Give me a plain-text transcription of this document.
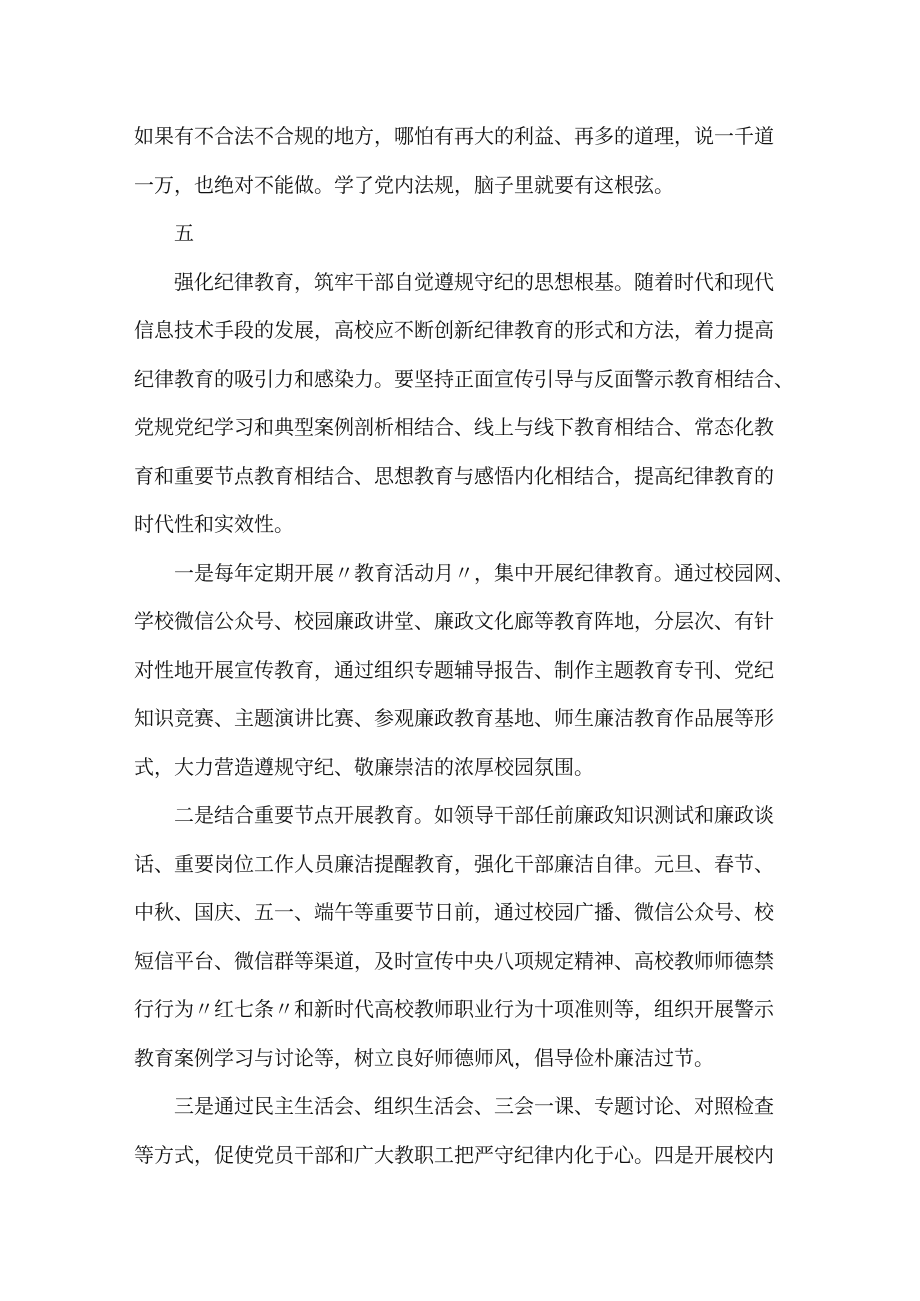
如果有不合法不合规的地方，哪怕有再大的利益、再多的道理，说一千道
一万，也绝对不能做。学了党内法规，脑子里就要有这根弦。
五
强化纪律教育，筑牢干部自觉遵规守纪的思想根基。随着时代和现代
信息技术手段的发展，高校应不断创新纪律教育的形式和方法，着力提高
纪律教育的吸引力和感染力。要坚持正面宣传引导与反面警示教育相结合、
党规党纪学习和典型案例剖析相结合、线上与线下教育相结合、常态化教
育和重要节点教育相结合、思想教育与感悟内化相结合，提高纪律教育的
时代性和实效性。
一是每年定期开展〃教育活动月〃，集中开展纪律教育。通过校园网、
学校微信公众号、校园廉政讲堂、廉政文化廊等教育阵地，分层次、有针
对性地开展宣传教育，通过组织专题辅导报告、制作主题教育专刊、党纪
知识竞赛、主题演讲比赛、参观廉政教育基地、师生廉洁教育作品展等形
式，大力营造遵规守纪、敬廉崇洁的浓厚校园氛围。
二是结合重要节点开展教育。如领导干部任前廉政知识测试和廉政谈
话、重要岗位工作人员廉洁提醒教育，强化干部廉洁自律。元旦、春节、
中秋、国庆、五一、端午等重要节日前，通过校园广播、微信公众号、校
短信平台、微信群等渠道，及时宣传中央八项规定精神、高校教师师德禁
行行为〃红七条〃和新时代高校教师职业行为十项准则等，组织开展警示
教育案例学习与讨论等，树立良好师德师风，倡导俭朴廉洁过节。
三是通过民主生活会、组织生活会、三会一课、专题讨论、对照检查
等方式，促使党员干部和广大教职工把严守纪律内化于心。四是开展校内
